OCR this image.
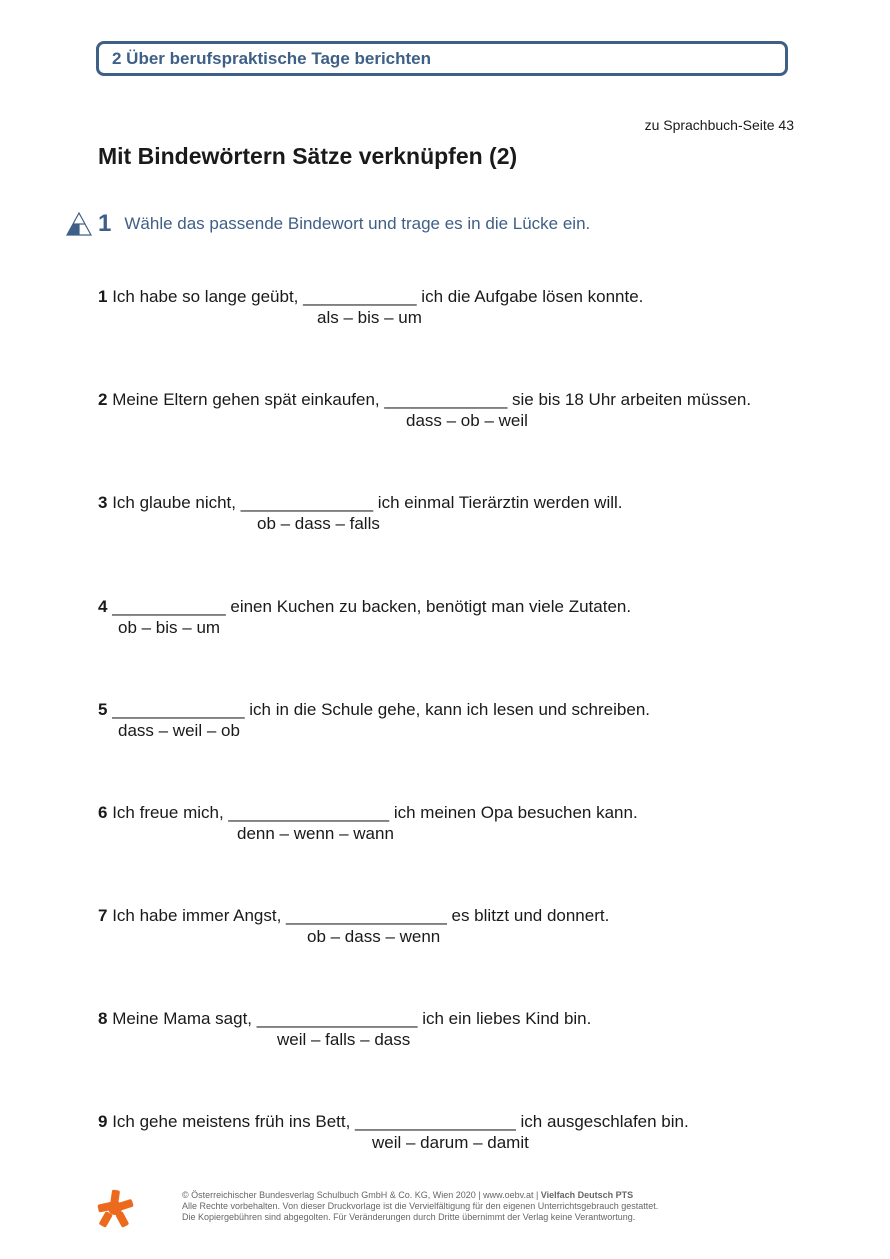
2 Über berufspraktische Tage berichten
zu Sprachbuch-Seite 43
Mit Bindewörtern Sätze verknüpfen (2)
1 Wähle das passende Bindewort und trage es in die Lücke ein.
1 Ich habe so lange geübt, ____________ ich die Aufgabe lösen konnte.
als – bis – um
2 Meine Eltern gehen spät einkaufen, _____________ sie bis 18 Uhr arbeiten müssen.
dass – ob – weil
3 Ich glaube nicht, ______________ ich einmal Tierärztin werden will.
ob – dass – falls
4 ____________ einen Kuchen zu backen, benötigt man viele Zutaten.
ob – bis – um
5 ______________ ich in die Schule gehe, kann ich lesen und schreiben.
dass – weil – ob
6 Ich freue mich, _________________ ich meinen Opa besuchen kann.
denn – wenn – wann
7 Ich habe immer Angst, _________________ es blitzt und donnert.
ob – dass – wenn
8 Meine Mama sagt, _________________ ich ein liebes Kind bin.
weil – falls – dass
9 Ich gehe meistens früh ins Bett, _________________ ich ausgeschlafen bin.
weil – darum – damit
© Österreichischer Bundesverlag Schulbuch GmbH & Co. KG, Wien 2020 | www.oebv.at | Vielfach Deutsch PTS
Alle Rechte vorbehalten. Von dieser Druckvorlage ist die Vervielfältigung für den eigenen Unterrichtsgebrauch gestattet.
Die Kopiergebühren sind abgegolten. Für Veränderungen durch Dritte übernimmt der Verlag keine Verantwortung.
